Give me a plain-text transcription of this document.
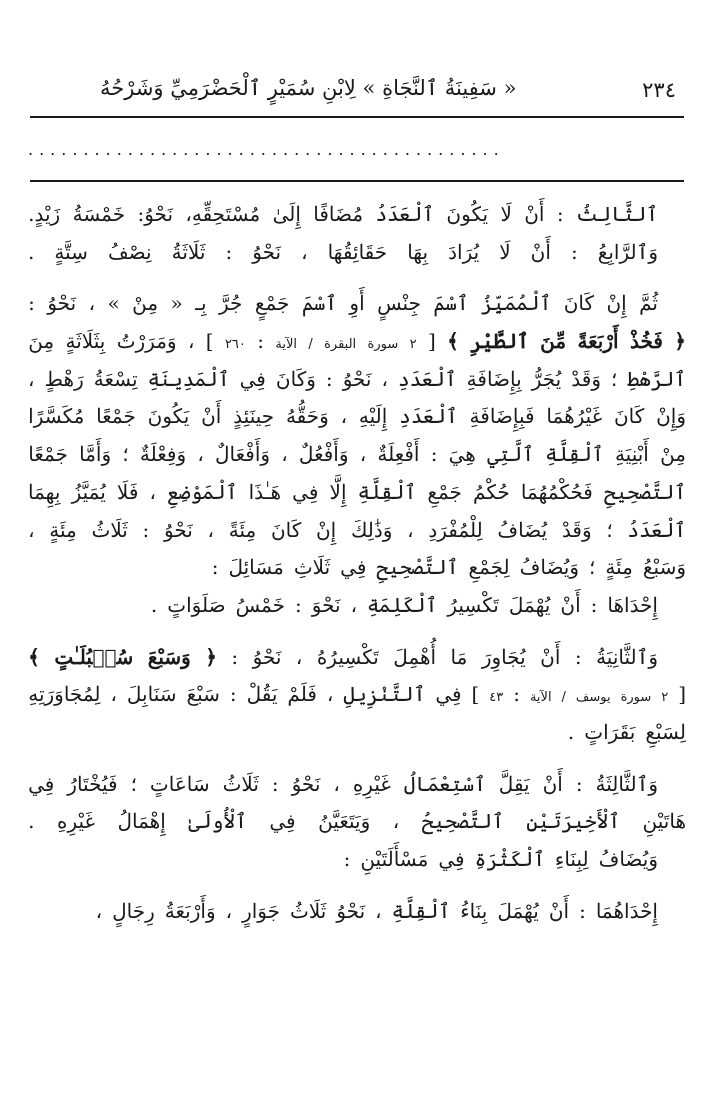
٢٣٤
« سَفِينَةُ ٱلنَّجَاةِ » لِابْنِ سُمَيْرٍ ٱلْحَضْرَمِيِّ وَشَرْحُهُ
...........................................
ٱلثَّالِثُ
:
أَنْ
لَا
يَكُونَ
ٱلْعَدَدُ
مُضَافًا
إِلَىٰ
مُسْتَحِقِّهِ،
نَحْوُ:
خَمْسَةُ
زَيْدٍ.
وَٱلرَّابِعُ
:
أَنْ
لَا
يُرَادَ
بِهَا
حَقَائِقُهَا
،
نَحْوُ
:
ثَلَاثَةُ
نِصْفُ
سِتَّةٍ
.
ثُمَّ
إِنْ
كَانَ
ٱلْمُمَيِّزُ
ٱسْمَ
جِنْسٍ
أَوِ
ٱسْمَ
جَمْعٍ
جُرَّ
بِـ
«
مِنْ
»
،
نَحْوُ
:
﴿
فَخُذْ
أَرْبَعَةً
مِّنَ
ٱلطَّيْرِ
﴾
[
٢
سورة
البقرة
/
الآية
:
٢٦٠
]
،
وَمَرَرْتُ
بِثَلَاثَةٍ
مِنَ
ٱلرَّهْطِ
؛
وَقَدْ
يُجَرُّ
بِإِضَافَةِ
ٱلْعَدَدِ
،
نَحْوُ
:
وَكَانَ
فِي
ٱلْمَدِينَةِ
تِسْعَةُ
رَهْطٍ
،
وَإِنْ
كَانَ
غَيْرُهُمَا
فَبِإِضَافَةِ
ٱلْعَدَدِ
إِلَيْهِ
،
وَحَقُّهُ
حِينَئِذٍ
أَنْ
يَكُونَ
جَمْعًا
مُكَسَّرًا
مِنْ
أَبْنِيَةِ
ٱلْقِلَّةِ
ٱلَّتِي
هِيَ
:
أَفْعِلَةٌ
،
وَأَفْعُلٌ
،
وَأَفْعَالٌ
،
وَفِعْلَةٌ
؛
وَأَمَّا
جَمْعًا
ٱلتَّصْحِيحِ
فَحُكْمُهُمَا
حُكْمُ
جَمْعِ
ٱلْقِلَّةِ
إِلَّا
فِي
هَـٰذَا
ٱلْمَوْضِعِ
،
فَلَا
يُمَيَّزُ
بِهِمَا
ٱلْعَدَدُ
؛
وَقَدْ
يُضَافُ
لِلْمُفْرَدِ
،
وَذَٰلِكَ
إِنْ
كَانَ
مِئَةً
،
نَحْوُ
:
ثَلَاثُ
مِئَةٍ
،
وَسَبْعُ
مِئَةٍ
؛
وَيُضَافُ
لِجَمْعِ
ٱلتَّصْحِيحِ
فِي
ثَلَاثِ
مَسَائِلَ
:
إِحْدَاهَا
:
أَنْ
يُهْمَلَ
تَكْسِيرُ
ٱلْكَلِمَةِ
،
نَحْوَ
:
خَمْسُ
صَلَوَاتٍ
.
وَٱلثَّانِيَةُ
:
أَنْ
يُجَاوِرَ
مَا
أُهْمِلَ
تَكْسِيرُهُ
،
نَحْوُ
:
﴿
وَسَبْعَ
سُنۢبُلَـٰتٍ
﴾
[
٢
سورة
يوسف
/
الآية
:
٤٣
]
فِي
ٱلتَّنْزِيلِ
،
فَلَمْ
يَقُلْ
:
سَبْعَ
سَنَابِلَ
،
لِمُجَاوَرَتِهِ
لِسَبْعِ
بَقَرَاتٍ
.
وَٱلثَّالِثَةُ
:
أَنْ
يَقِلَّ
ٱسْتِعْمَالُ
غَيْرِهِ
،
نَحْوُ
:
ثَلَاثُ
سَاعَاتٍ
؛
فَيُخْتَارُ
فِي
هَاتَيْنِ
ٱلْأَخِيرَتَيْنِ
ٱلتَّصْحِيحُ
،
وَيَتَعَيَّنُ
فِي
ٱلْأُولَىٰ
إِهْمَالُ
غَيْرِهِ
.
وَيُضَافُ
لِبِنَاءِ
ٱلْكَثْرَةِ
فِي
مَسْأَلَتَيْنِ
:
إِحْدَاهُمَا
:
أَنْ
يُهْمَلَ
بِنَاءُ
ٱلْقِلَّةِ
،
نَحْوُ
ثَلَاثُ
جَوَارٍ
،
وَأَرْبَعَةُ
رِجَالٍ
،
